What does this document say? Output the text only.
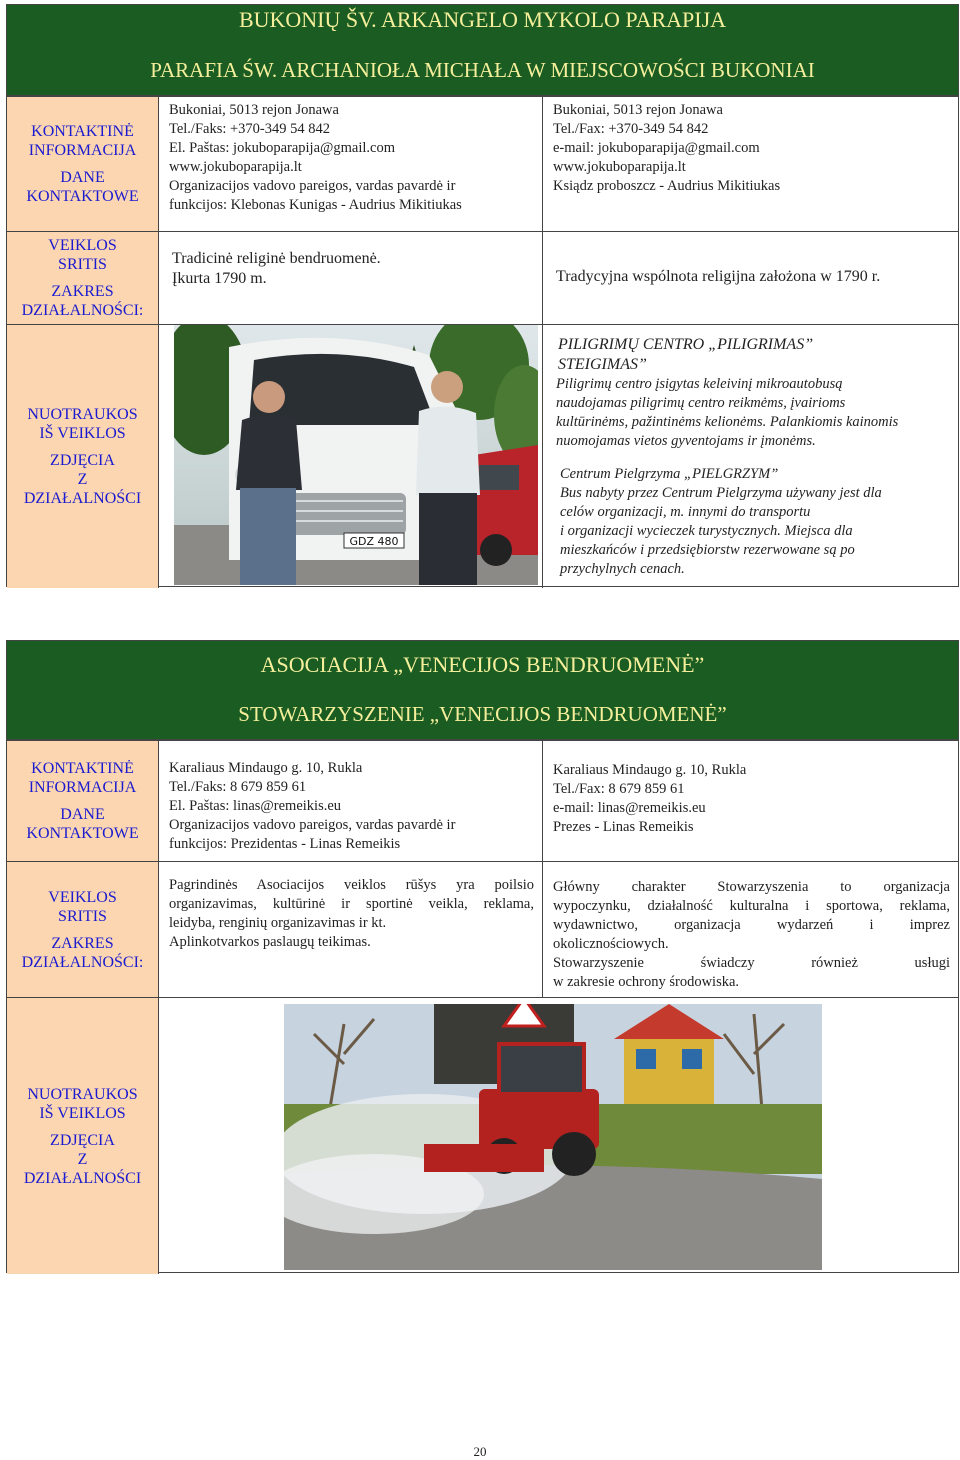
BUKONIŲ ŠV. ARKANGELO MYKOLO PARAPIJA
PARAFIA ŚW. ARCHANIOŁA MICHAŁA W MIEJSCOWOŚCI BUKONIAI
KONTAKTINĖ
INFORMACIJA
DANE
KONTAKTOWE
Bukoniai, 5013 rejon Jonawa
Tel./Faks: +370-349 54 842
El. Paštas: jokuboparapija@gmail.com
www.jokuboparapija.lt
Organizacijos vadovo pareigos, vardas pavardė ir
funkcijos: Klebonas Kunigas - Audrius Mikitiukas
Bukoniai, 5013 rejon Jonawa
Tel./Fax: +370-349 54 842
e-mail: jokuboparapija@gmail.com
www.jokuboparapija.lt
Ksiądz proboszcz - Audrius Mikitiukas
VEIKLOS
SRITIS
ZAKRES
DZIAŁALNOŚCI:
Tradicinė religinė bendruomenė.
Įkurta 1790 m.	Tradycyjna wspólnota religijna założona w 1790 r.
NUOTRAUKOS
IŠ VEIKLOS
ZDJĘCIA
Z
DZIAŁALNOŚCI
GDZ 480
PILIGRIMŲ CENTRO „PILIGRIMAS”
STEIGIMAS”
Piligrimų centro įsigytas keleivinį mikroautobusą
naudojamas piligrimų centro reikmėms, įvairioms
kultūrinėms, pažintinėms kelionėms. Palankiomis kainomis
nuomojamas vietos gyventojams ir įmonėms.
Centrum Pielgrzyma „PIELGRZYM”
Bus nabyty przez Centrum Pielgrzyma używany jest dla
celów organizacji, m. innymi do transportu
i organizacji wycieczek turystycznych. Miejsca dla
mieszkańców i przedsiębiorstw rezerwowane są po
przychylnych cenach.
ASOCIACIJA „VENECIJOS BENDRUOMENĖ”
STOWARZYSZENIE „VENECIJOS BENDRUOMENĖ”
KONTAKTINĖ
INFORMACIJA
DANE
KONTAKTOWE
Karaliaus Mindaugo g. 10, Rukla
Tel./Faks: 8 679 859 61
El. Paštas: linas@remeikis.eu
Organizacijos vadovo pareigos, vardas pavardė ir
funkcijos: Prezidentas - Linas Remeikis
Karaliaus Mindaugo g. 10, Rukla
Tel./Fax: 8 679 859 61
e-mail: linas@remeikis.eu
Prezes - Linas Remeikis
VEIKLOS
SRITIS
ZAKRES
DZIAŁALNOŚCI:
Pagrindinės Asociacijos veiklos rūšys yra poilsio
organizavimas, kultūrinė ir sportinė veikla, reklama,
leidyba, renginių organizavimas ir kt.
Aplinkotvarkos paslaugų teikimas.
Główny charakter Stowarzyszenia to organizacja
wypoczynku, działalność kulturalna i sportowa, reklama,
wydawnictwo, organizacja wydarzeń i imprez
okolicznościowych.
Stowarzyszenie świadczy również usługi
w zakresie ochrony środowiska.
NUOTRAUKOS
IŠ VEIKLOS
ZDJĘCIA
Z
DZIAŁALNOŚCI
20
